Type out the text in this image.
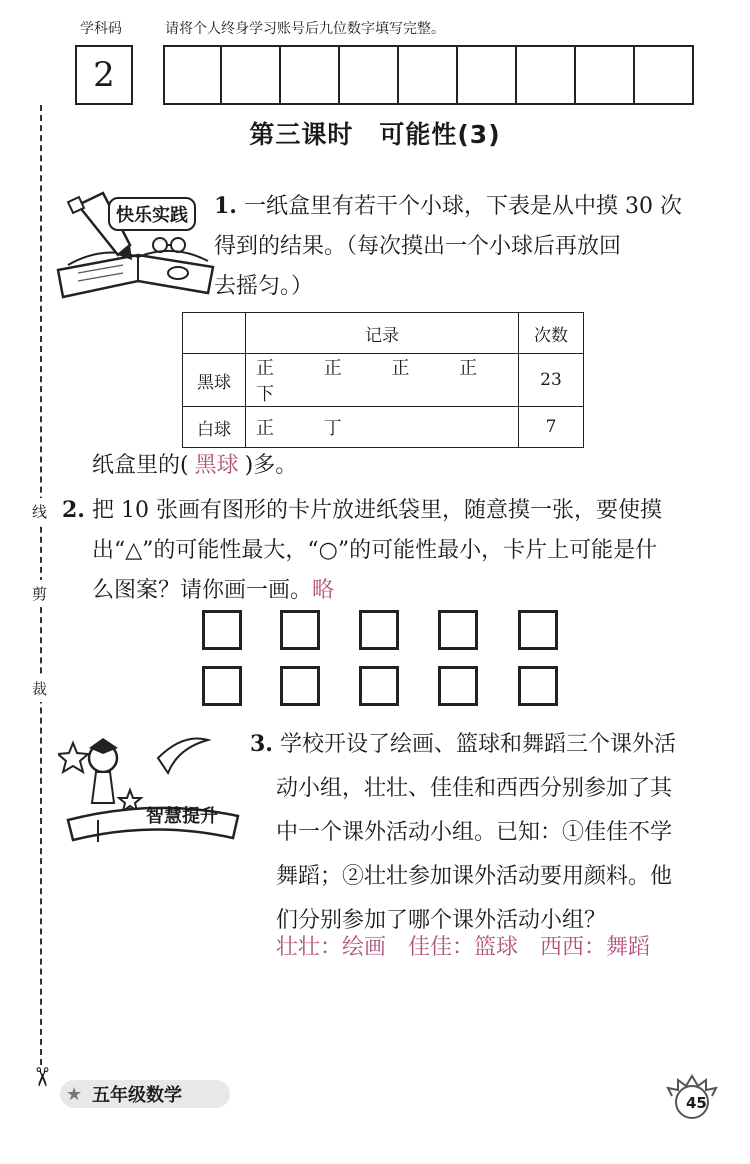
学科码	请将个人终身学习账号后九位数字填写完整。
2
线
剪
裁
✂
第三课时　可能性(3)
快乐实践	1. 一纸盒里有若干个小球，下表是从中摸 30 次
得到的结果。（每次摸出一个小球后再放回
去摇匀。）
	记录	次数
黑球	正 正 正 正 下	23
白球	正 丁	7
纸盒里的( 黑球 )多。
2. 把 10 张画有图形的卡片放进纸袋里，随意摸一张，要使摸
出“△”的可能性最大，“○”的可能性最小，卡片上可能是什
么图案？请你画一画。略
智慧提升
3. 学校开设了绘画、篮球和舞蹈三个课外活
动小组，壮壮、佳佳和西西分别参加了其
中一个课外活动小组。已知：①佳佳不学
舞蹈；②壮壮参加课外活动要用颜料。他
们分别参加了哪个课外活动小组？
壮壮：绘画　佳佳：篮球　西西：舞蹈
★ 五年级数学	45
